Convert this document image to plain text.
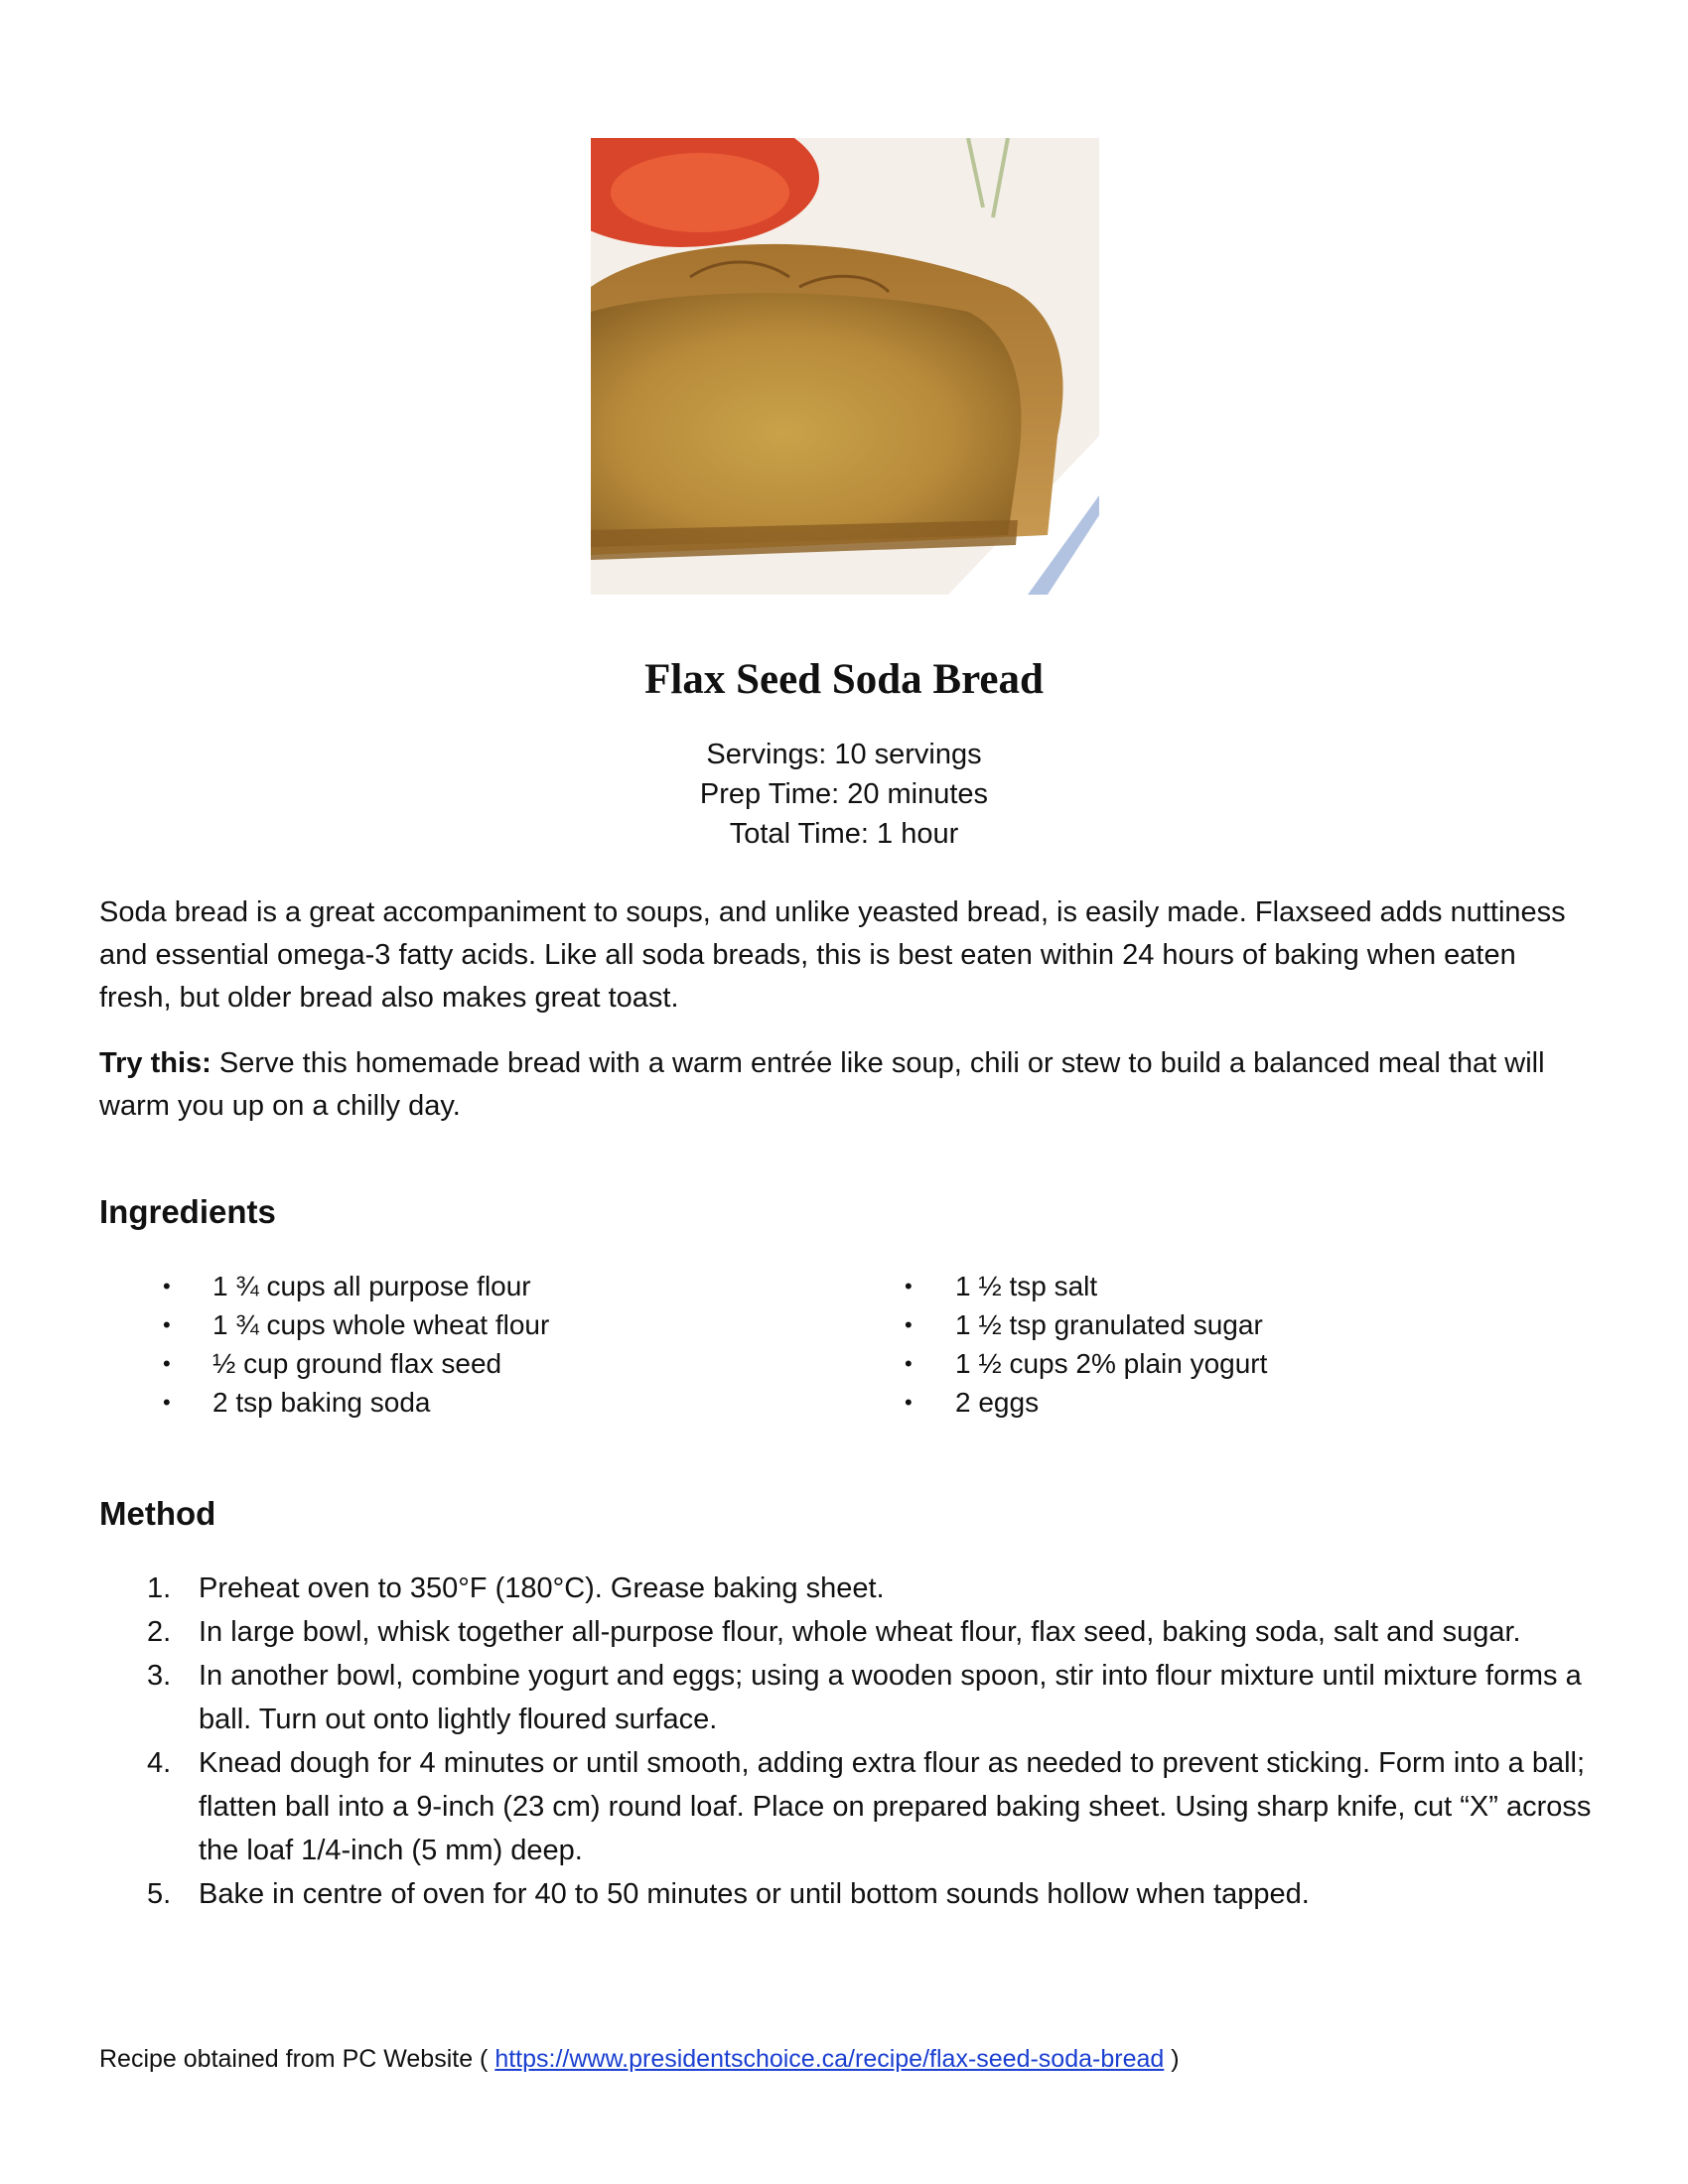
Flax Seed Soda Bread
Servings: 10 servings
Prep Time: 20 minutes
Total Time: 1 hour
Soda bread is a great accompaniment to soups, and unlike yeasted bread, is easily made. Flaxseed adds nuttiness and essential omega-3 fatty acids. Like all soda breads, this is best eaten within 24 hours of baking when eaten fresh, but older bread also makes great toast.
Try this: Serve this homemade bread with a warm entrée like soup, chili or stew to build a balanced meal that will warm you up on a chilly day.
Ingredients
• 1 ¾ cups all purpose flour
• 1 ¾ cups whole wheat flour
• ½ cup ground flax seed
• 2 tsp baking soda
• 1 ½ tsp salt
• 1 ½ tsp granulated sugar
• 1 ½ cups 2% plain yogurt
• 2 eggs
Method
1. Preheat oven to 350°F (180°C). Grease baking sheet.
2. In large bowl, whisk together all-purpose flour, whole wheat flour, flax seed, baking soda, salt and sugar.
3. In another bowl, combine yogurt and eggs; using a wooden spoon, stir into flour mixture until mixture forms a ball. Turn out onto lightly floured surface.
4. Knead dough for 4 minutes or until smooth, adding extra flour as needed to prevent sticking. Form into a ball; flatten ball into a 9-inch (23 cm) round loaf. Place on prepared baking sheet. Using sharp knife, cut “X” across the loaf 1/4-inch (5 mm) deep.
5. Bake in centre of oven for 40 to 50 minutes or until bottom sounds hollow when tapped.
Recipe obtained from PC Website ( https://www.presidentschoice.ca/recipe/flax-seed-soda-bread )
